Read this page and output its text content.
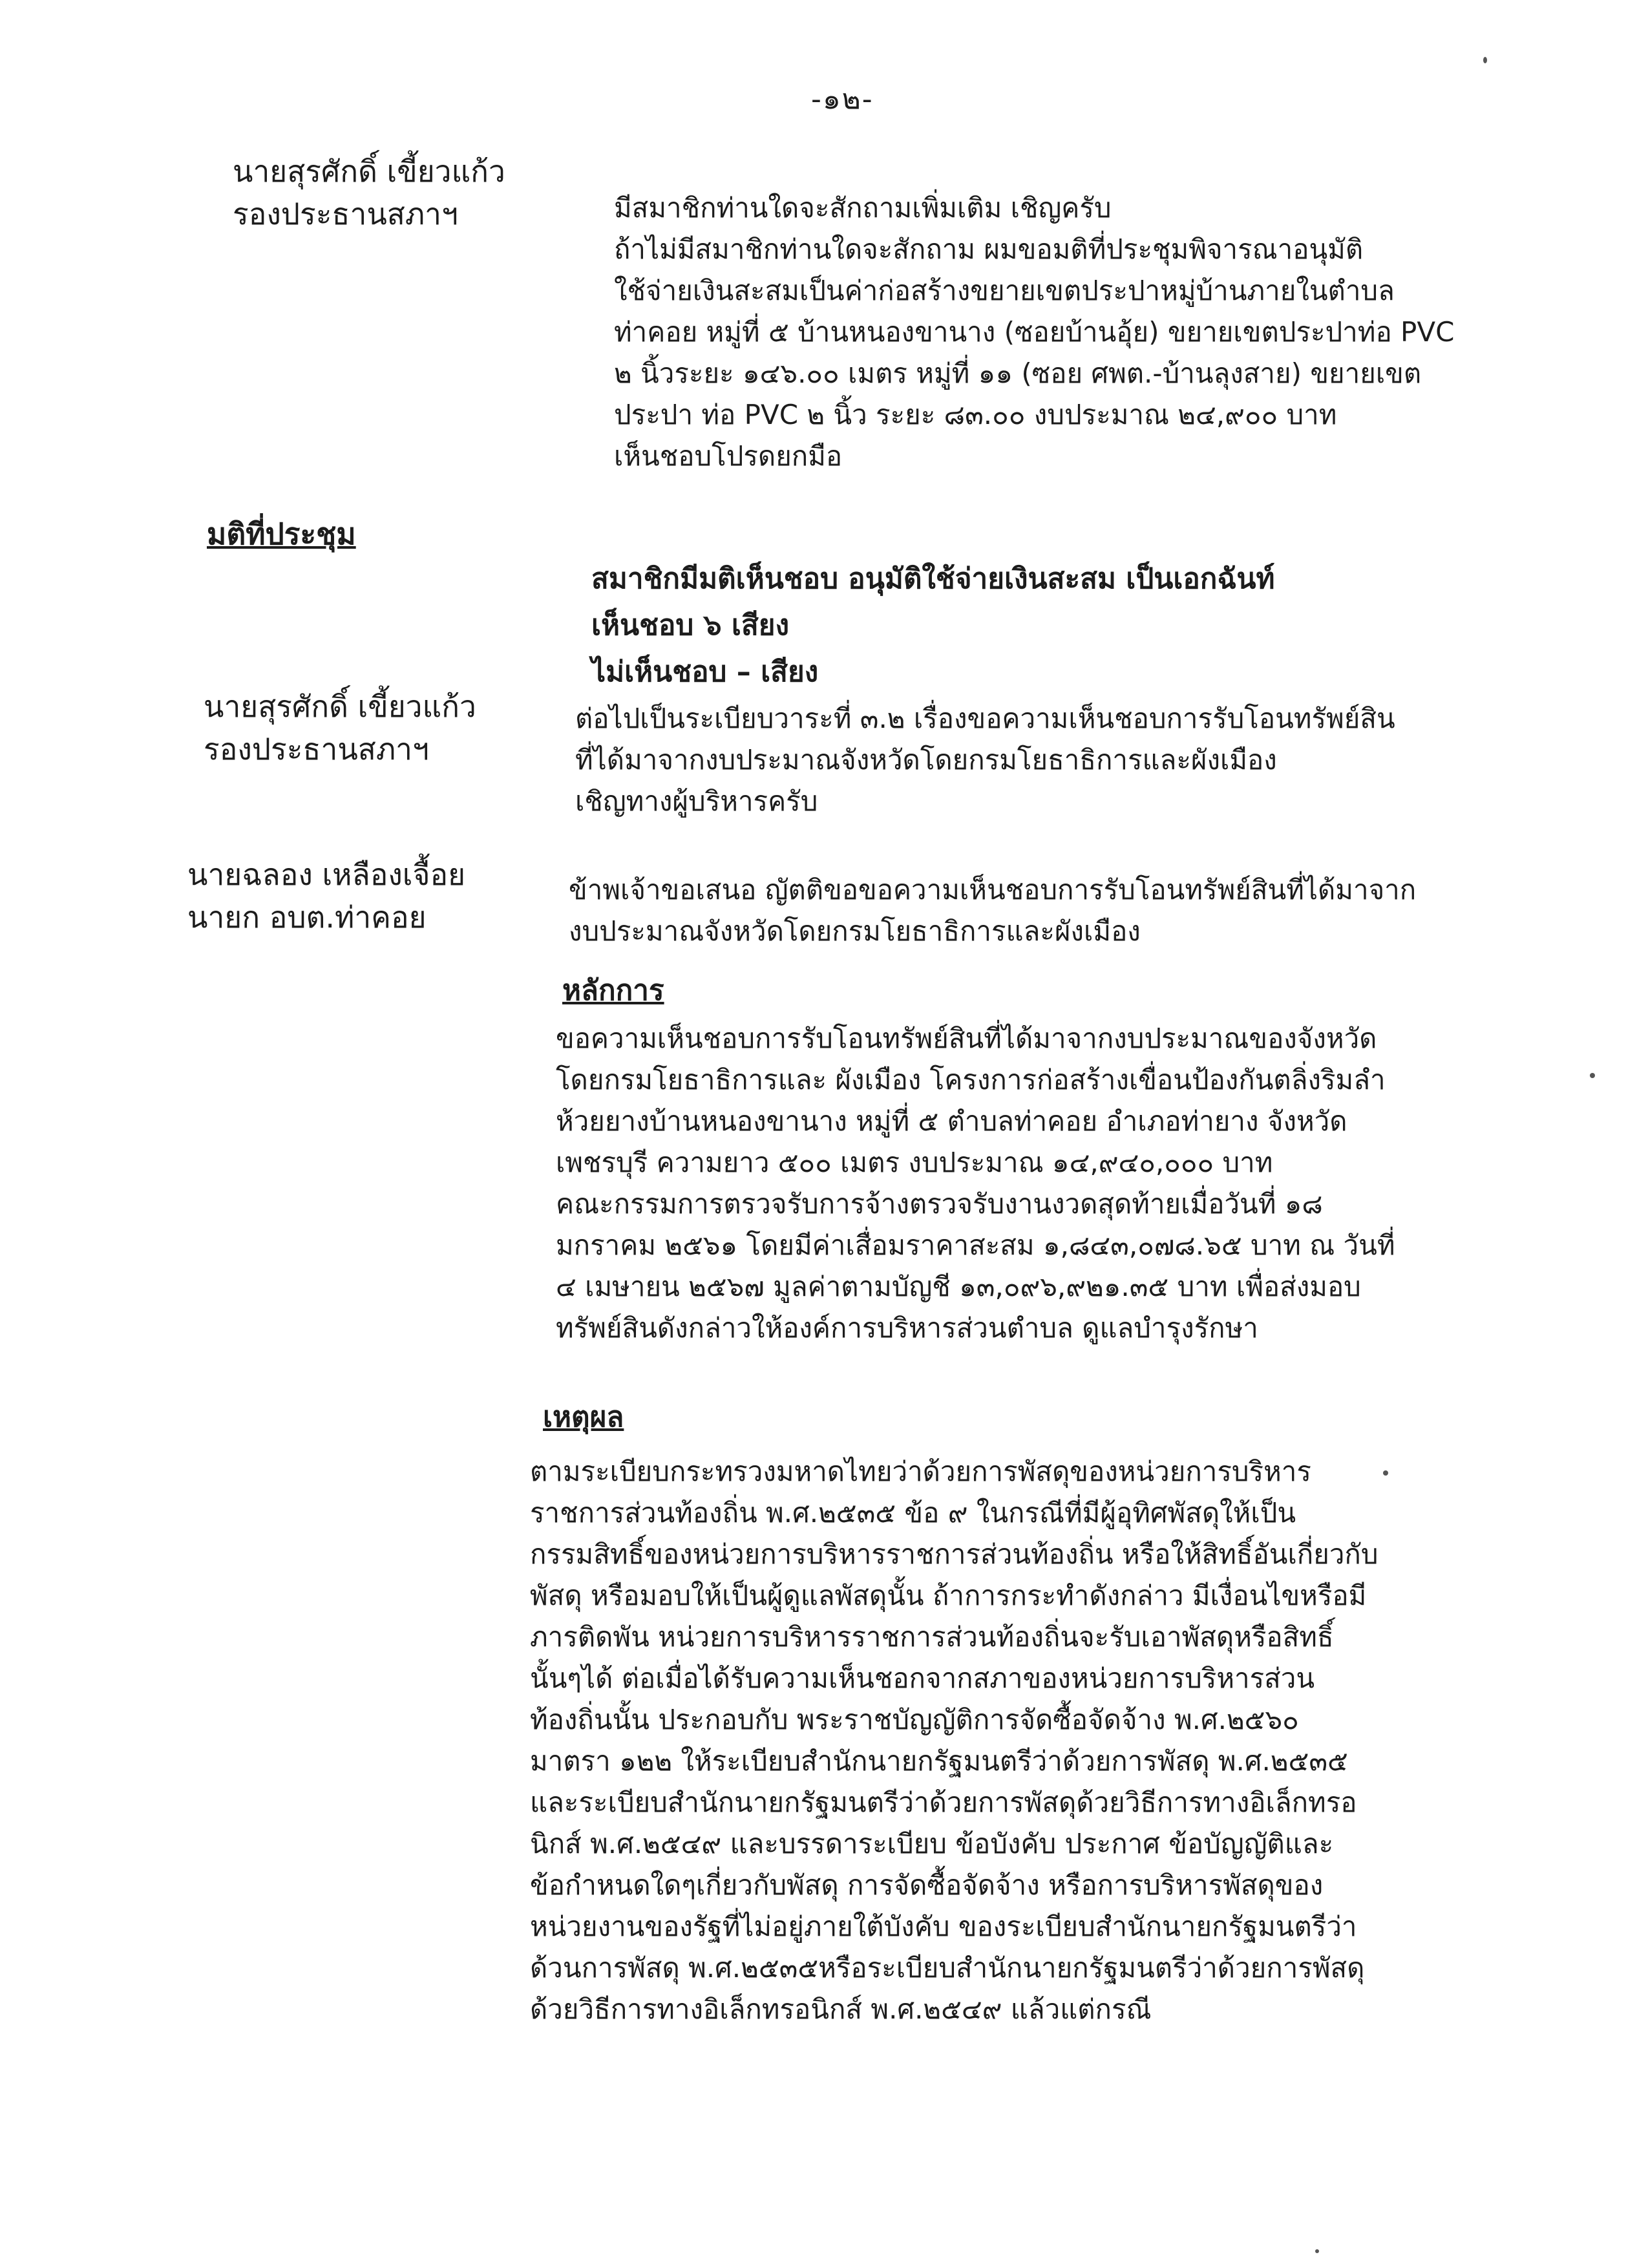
-๑๒-
นายสุรศักดิ์ เขี้ยวแก้ว
รองประธานสภาฯ	มีสมาชิกท่านใดจะสักถามเพิ่มเติม เชิญครับ
ถ้าไม่มีสมาชิกท่านใดจะสักถาม ผมขอมติที่ประชุมพิจารณาอนุมัติ
ใช้จ่ายเงินสะสมเป็นค่าก่อสร้างขยายเขตประปาหมู่บ้านภายในตำบล
ท่าคอย หมู่ที่ ๕ บ้านหนองขานาง (ซอยบ้านอุ้ย) ขยายเขตประปาท่อ PVC
๒ นิ้วระยะ ๑๔๖.๐๐ เมตร หมู่ที่ ๑๑ (ซอย ศพต.-บ้านลุงสาย) ขยายเขต
ประปา ท่อ PVC ๒ นิ้ว ระยะ ๘๓.๐๐ งบประมาณ ๒๔,๙๐๐ บาท
เห็นชอบโปรดยกมือ
มติที่ประชุม
สมาชิกมีมติเห็นชอบ อนุมัติใช้จ่ายเงินสะสม เป็นเอกฉันท์
เห็นชอบ ๖ เสียง
ไม่เห็นชอบ – เสียง
นายสุรศักดิ์ เขี้ยวแก้ว
รองประธานสภาฯ
ต่อไปเป็นระเบียบวาระที่ ๓.๒ เรื่องขอความเห็นชอบการรับโอนทรัพย์สิน
ที่ได้มาจากงบประมาณจังหวัดโดยกรมโยธาธิการและผังเมือง
เชิญทางผู้บริหารครับ
นายฉลอง เหลืองเจื้อย
นายก อบต.ท่าคอย
ข้าพเจ้าขอเสนอ ญัตติขอขอความเห็นชอบการรับโอนทรัพย์สินที่ได้มาจาก
งบประมาณจังหวัดโดยกรมโยธาธิการและผังเมือง
หลักการ
ขอความเห็นชอบการรับโอนทรัพย์สินที่ได้มาจากงบประมาณของจังหวัด
โดยกรมโยธาธิการและ ผังเมือง โครงการก่อสร้างเขื่อนป้องกันตลิ่งริมลำ
ห้วยยางบ้านหนองขานาง หมู่ที่ ๕ ตำบลท่าคอย อำเภอท่ายาง จังหวัด
เพชรบุรี ความยาว ๕๐๐ เมตร งบประมาณ ๑๔,๙๔๐,๐๐๐ บาท
คณะกรรมการตรวจรับการจ้างตรวจรับงานงวดสุดท้ายเมื่อวันที่ ๑๘
มกราคม ๒๕๖๑ โดยมีค่าเสื่อมราคาสะสม ๑,๘๔๓,๐๗๘.๖๕ บาท ณ วันที่
๔ เมษายน ๒๕๖๗ มูลค่าตามบัญชี ๑๓,๐๙๖,๙๒๑.๓๕ บาท เพื่อส่งมอบ
ทรัพย์สินดังกล่าวให้องค์การบริหารส่วนตำบล ดูแลบำรุงรักษา
เหตุผล
ตามระเบียบกระทรวงมหาดไทยว่าด้วยการพัสดุของหน่วยการบริหาร
ราชการส่วนท้องถิ่น พ.ศ.๒๕๓๕ ข้อ ๙ ในกรณีที่มีผู้อุทิศพัสดุให้เป็น
กรรมสิทธิ์ของหน่วยการบริหารราชการส่วนท้องถิ่น หรือให้สิทธิ์อันเกี่ยวกับ
พัสดุ หรือมอบให้เป็นผู้ดูแลพัสดุนั้น ถ้าการกระทำดังกล่าว มีเงื่อนไขหรือมี
ภารติดพัน หน่วยการบริหารราชการส่วนท้องถิ่นจะรับเอาพัสดุหรือสิทธิ์
นั้นๆได้ ต่อเมื่อได้รับความเห็นชอกจากสภาของหน่วยการบริหารส่วน
ท้องถิ่นนั้น ประกอบกับ พระราชบัญญัติการจัดซื้อจัดจ้าง พ.ศ.๒๕๖๐
มาตรา ๑๒๒ ให้ระเบียบสำนักนายกรัฐมนตรีว่าด้วยการพัสดุ พ.ศ.๒๕๓๕
และระเบียบสำนักนายกรัฐมนตรีว่าด้วยการพัสดุด้วยวิธีการทางอิเล็กทรอ
นิกส์ พ.ศ.๒๕๔๙ และบรรดาระเบียบ ข้อบังคับ ประกาศ ข้อบัญญัติและ
ข้อกำหนดใดๆเกี่ยวกับพัสดุ การจัดซื้อจัดจ้าง หรือการบริหารพัสดุของ
หน่วยงานของรัฐที่ไม่อยู่ภายใต้บังคับ ของระเบียบสำนักนายกรัฐมนตรีว่า
ด้วนการพัสดุ พ.ศ.๒๕๓๕หรือระเบียบสำนักนายกรัฐมนตรีว่าด้วยการพัสดุ
ด้วยวิธีการทางอิเล็กทรอนิกส์ พ.ศ.๒๕๔๙ แล้วแต่กรณี
